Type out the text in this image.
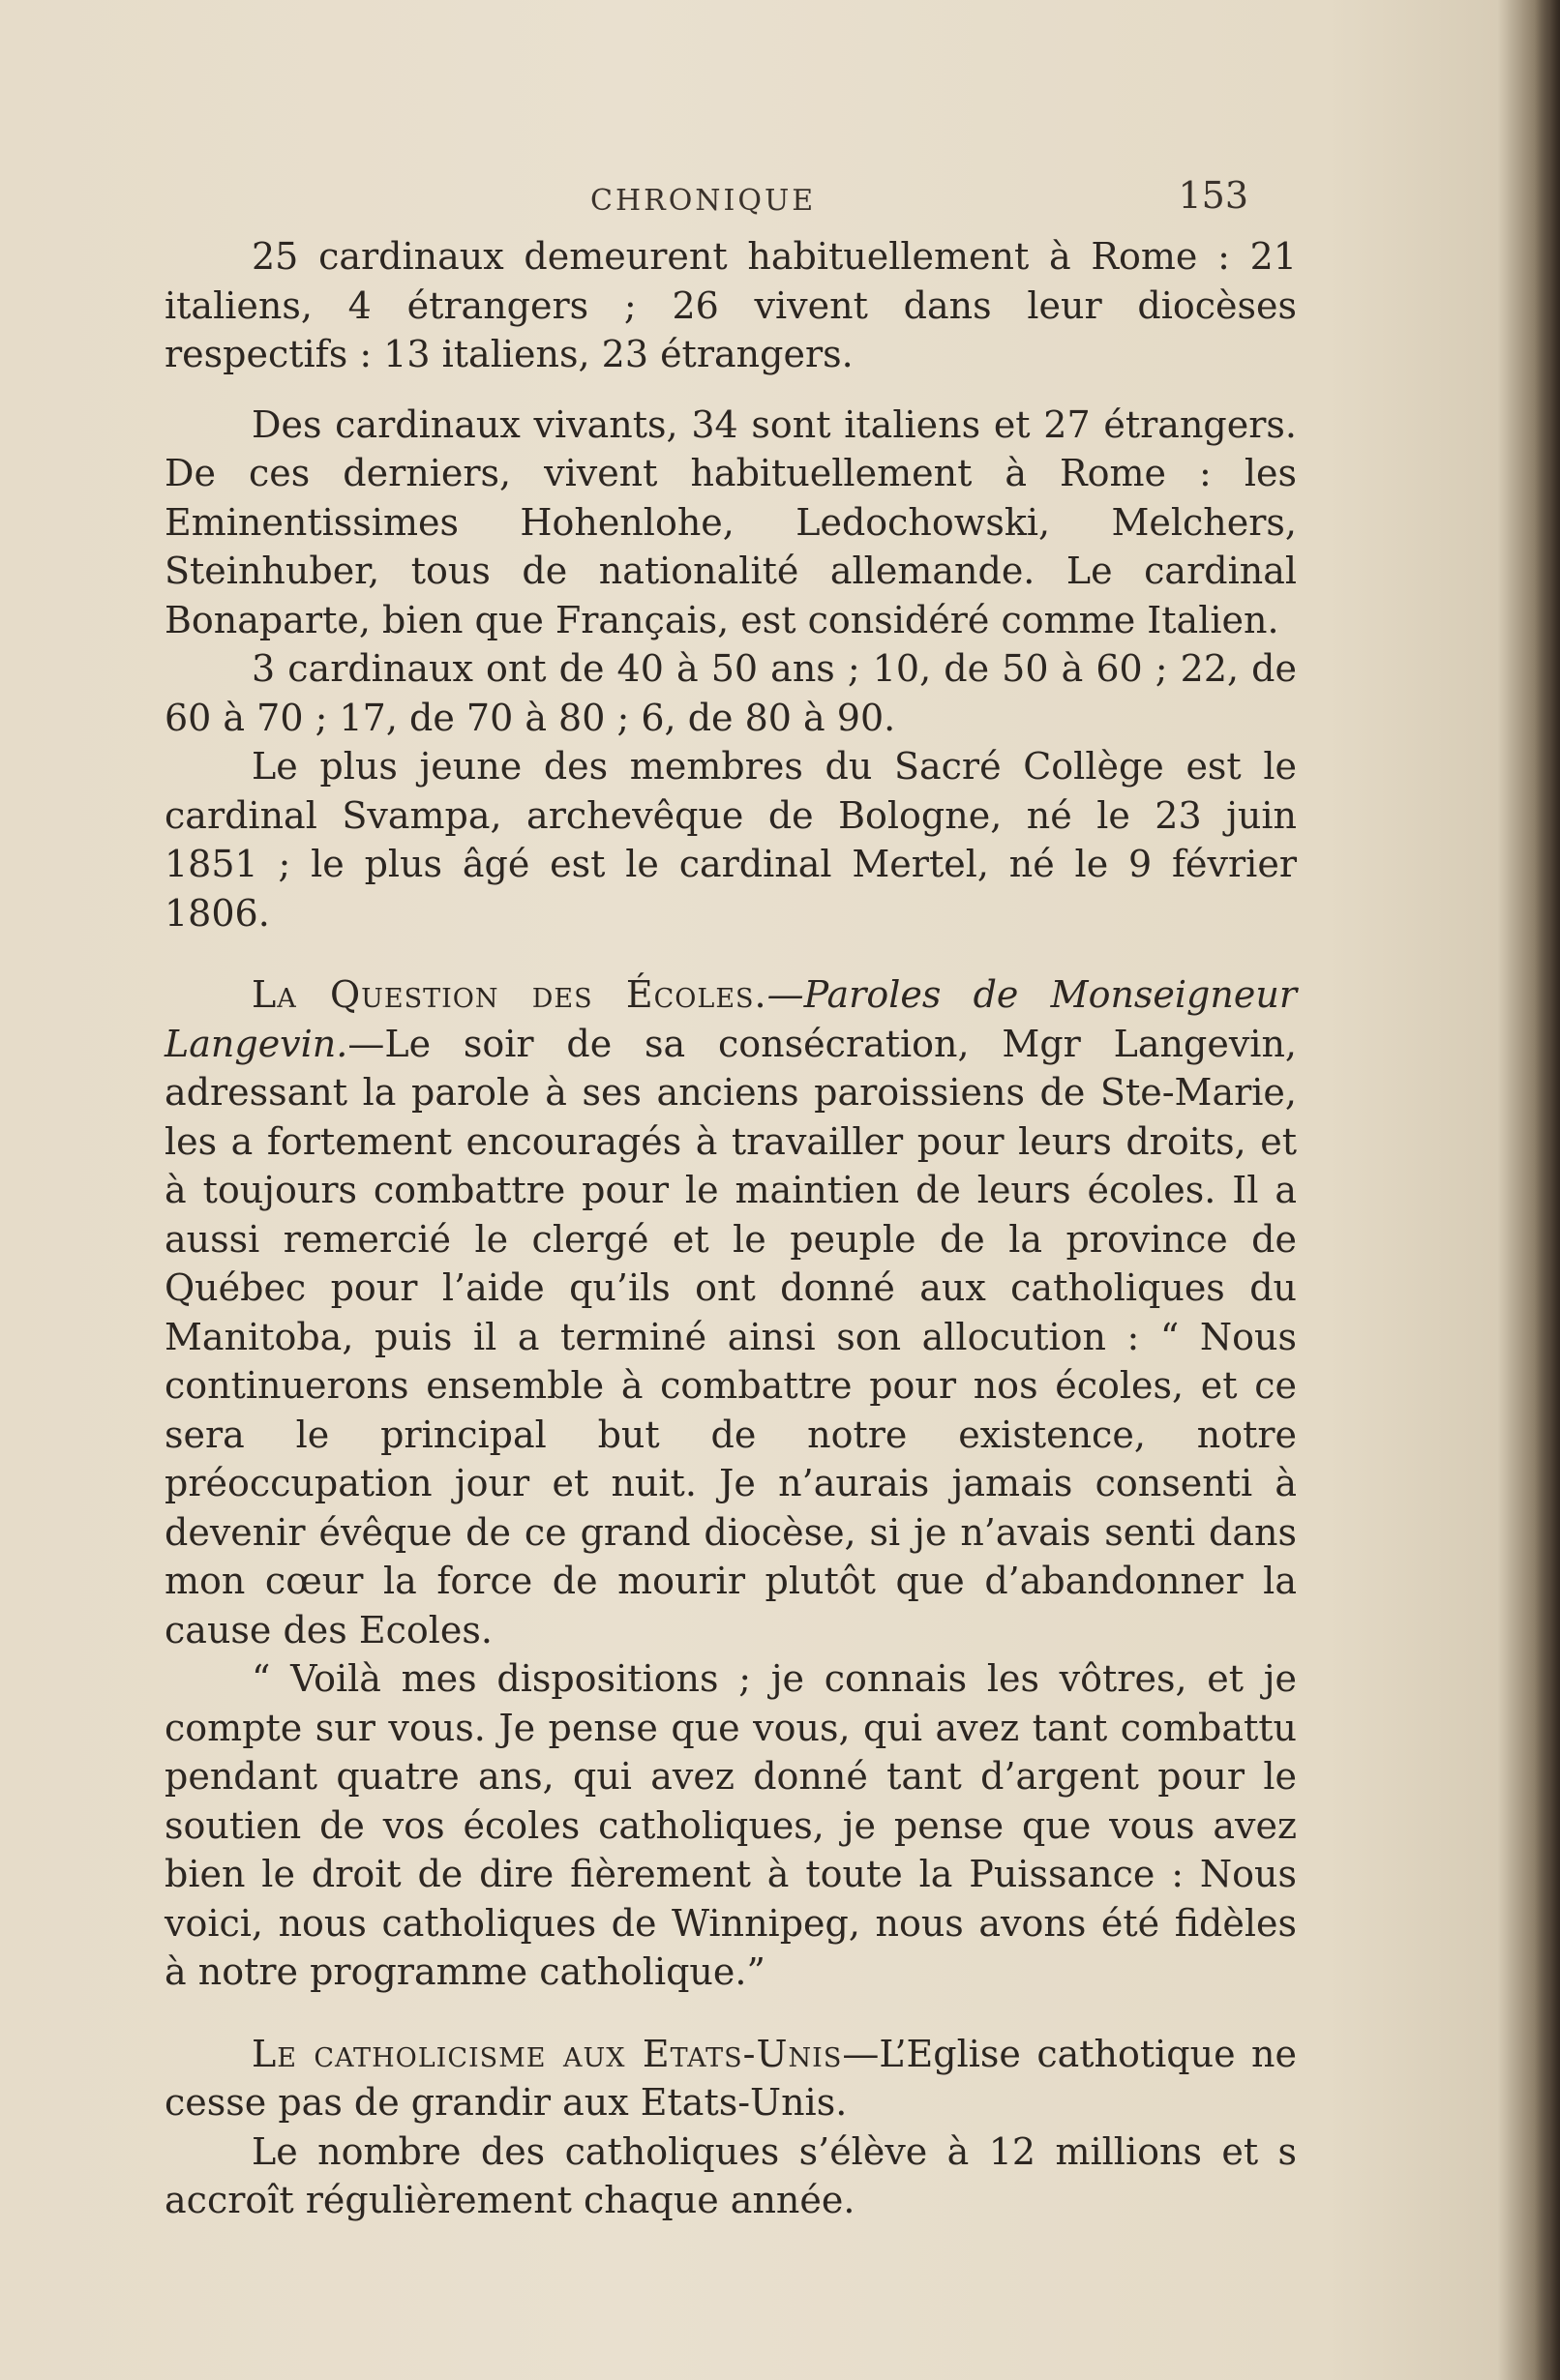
CHRONIQUE	153

25 cardinaux demeurent habituellement à Rome : 21 italiens, 4 étrangers ; 26 vivent dans leur diocèses respectifs : 13 italiens, 23 étrangers.

Des cardinaux vivants, 34 sont italiens et 27 étrangers. De ces derniers, vivent habituellement à Rome : les Eminentissimes Hohenlohe, Ledochowski, Melchers, Steinhuber, tous de nationalité allemande. Le cardinal Bonaparte, bien que Français, est considéré comme Italien.

3 cardinaux ont de 40 à 50 ans ; 10, de 50 à 60 ; 22, de 60 à 70 ; 17, de 70 à 80 ; 6, de 80 à 90.

Le plus jeune des membres du Sacré Collège est le cardinal Svampa, archevêque de Bologne, né le 23 juin 1851 ; le plus âgé est le cardinal Mertel, né le 9 février 1806.

La Question des Écoles.—Paroles de Monseigneur Langevin.—Le soir de sa consécration, Mgr Langevin, adressant la parole à ses anciens paroissiens de Ste-Marie, les a fortement encouragés à travailler pour leurs droits, et à toujours combattre pour le maintien de leurs écoles. Il a aussi remercié le clergé et le peuple de la province de Québec pour l’aide qu’ils ont donné aux catholiques du Manitoba, puis il a terminé ainsi son allocution : “ Nous continuerons ensemble à combattre pour nos écoles, et ce sera le principal but de notre existence, notre préoccupation jour et nuit. Je n’aurais jamais consenti à devenir évêque de ce grand diocèse, si je n’avais senti dans mon cœur la force de mourir plutôt que d’abandonner la cause des Ecoles.

“ Voilà mes dispositions ; je connais les vôtres, et je compte sur vous. Je pense que vous, qui avez tant combattu pendant quatre ans, qui avez donné tant d’argent pour le soutien de vos écoles catholiques, je pense que vous avez bien le droit de dire fièrement à toute la Puissance : Nous voici, nous catholiques de Winnipeg, nous avons été fidèles à notre programme catholique.”

Le catholicisme aux Etats-Unis—L’Eglise cathotique ne cesse pas de grandir aux Etats-Unis.

Le nombre des catholiques s’élève à 12 millions et s accroît régulièrement chaque année.
